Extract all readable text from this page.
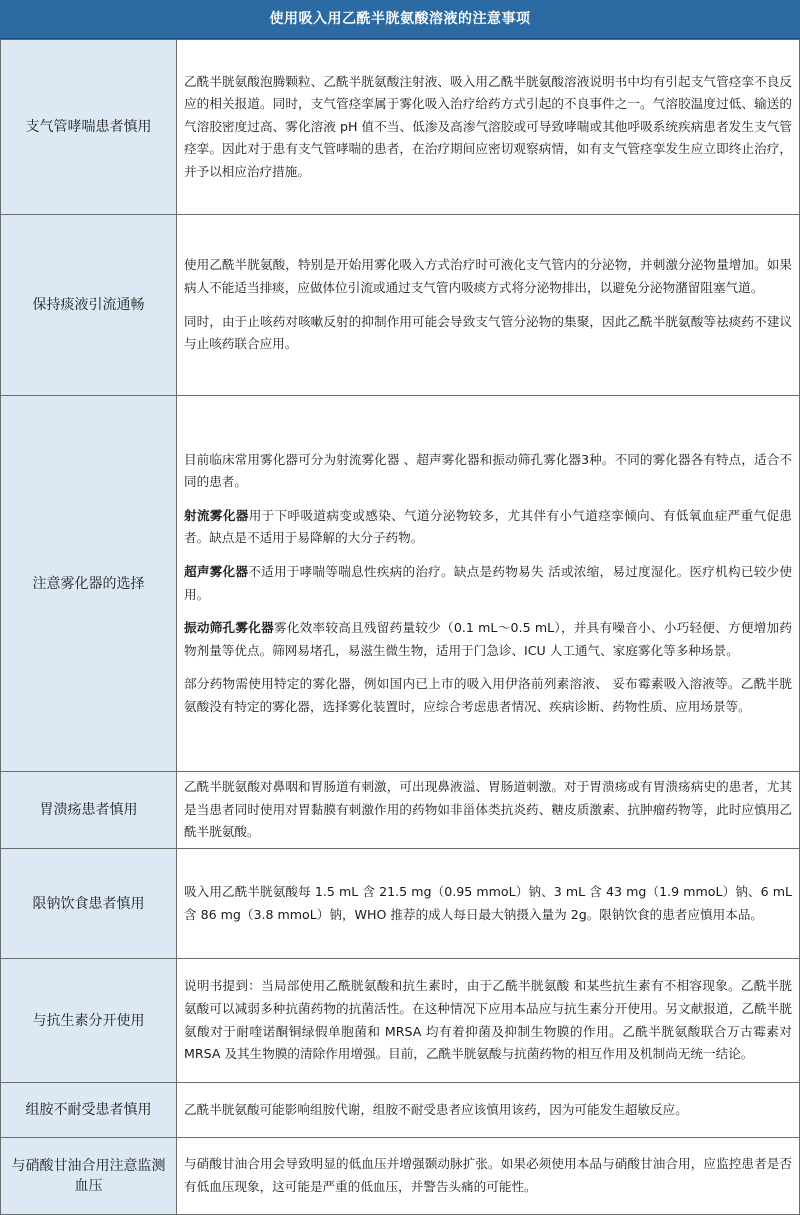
使用吸入用乙酰半胱氨酸溶液的注意事项
支气管哮喘患者慎用	乙酰半胱氨酸泡腾颗粒、乙酰半胱氨酸注射液、吸入用乙酰半胱氨酸溶液说明书中均有引起支气管痉挛不良反应的相关报道。同时，支气管痉挛属于雾化吸入治疗给药方式引起的不良事件之一。气溶胶温度过低、输送的气溶胶密度过高、雾化溶液 pH 值不当、低渗及高渗气溶胶或可导致哮喘或其他呼吸系统疾病患者发生支气管痉挛。因此对于患有支气管哮喘的患者，在治疗期间应密切观察病情，如有支气管痉挛发生应立即终止治疗，并予以相应治疗措施。

保持痰液引流通畅	使用乙酰半胱氨酸，特别是开始用雾化吸入方式治疗时可液化支气管内的分泌物，并刺激分泌物量增加。如果病人不能适当排痰，应做体位引流或通过支气管内吸痰方式将分泌物排出，以避免分泌物潴留阻塞气道。

同时，由于止咳药对咳嗽反射的抑制作用可能会导致支气管分泌物的集聚，因此乙酰半胱氨酸等祛痰药不建议与止咳药联合应用。

注意雾化器的选择	目前临床常用雾化器可分为射流雾化器 、超声雾化器和振动筛孔雾化器3种。不同的雾化器各有特点，适合不同的患者。

射流雾化器用于下呼吸道病变或感染、气道分泌物较多，尤其伴有小气道痉挛倾向、有低氧血症严重气促患者。缺点是不适用于易降解的大分子药物。

超声雾化器不适用于哮喘等喘息性疾病的治疗。缺点是药物易失 活或浓缩，易过度湿化。医疗机构已较少使用。

振动筛孔雾化器雾化效率较高且残留药量较少（0.1 mL～0.5 mL），并具有噪音小、小巧轻便、方便增加药物剂量等优点。筛网易堵孔，易滋生微生物，适用于门急诊、ICU 人工通气、家庭雾化等多种场景。

部分药物需使用特定的雾化器，例如国内已上市的吸入用伊洛前列素溶液、 妥布霉素吸入溶液等。乙酰半胱氨酸没有特定的雾化器，选择雾化装置时，应综合考虑患者情况、疾病诊断、药物性质、应用场景等。

胃溃疡患者慎用	乙酰半胱氨酸对鼻咽和胃肠道有刺激，可出现鼻液溢、胃肠道刺激。对于胃溃疡或有胃溃疡病史的患者，尤其是当患者同时使用对胃黏膜有刺激作用的药物如非甾体类抗炎药、糖皮质激素、抗肿瘤药物等，此时应慎用乙酰半胱氨酸。

限钠饮食患者慎用	吸入用乙酰半胱氨酸每 1.5 mL 含 21.5 mg（0.95 mmoL）钠、3 mL 含 43 mg（1.9 mmoL）钠、6 mL 含 86 mg（3.8 mmoL）钠，WHO 推荐的成人每日最大钠摄入量为 2g。限钠饮食的患者应慎用本品。

与抗生素分开使用	说明书提到：当局部使用乙酰胱氨酸和抗生素时，由于乙酰半胱氨酸 和某些抗生素有不相容现象。乙酰半胱氨酸可以减弱多种抗菌药物的抗菌活性。在这种情况下应用本品应与抗生素分开使用。另文献报道，乙酰半胱氨酸对于耐喹诺酮铜绿假单胞菌和 MRSA 均有着抑菌及抑制生物膜的作用。乙酰半胱氨酸联合万古霉素对 MRSA 及其生物膜的清除作用增强。目前，乙酰半胱氨酸与抗菌药物的相互作用及机制尚无统一结论。

组胺不耐受患者慎用	乙酰半胱氨酸可能影响组胺代谢，组胺不耐受患者应该慎用该药，因为可能发生超敏反应。

与硝酸甘油合用注意监测血压	与硝酸甘油合用会导致明显的低血压并增强颞动脉扩张。如果必须使用本品与硝酸甘油合用，应监控患者是否有低血压现象，这可能是严重的低血压，并警告头痛的可能性。
